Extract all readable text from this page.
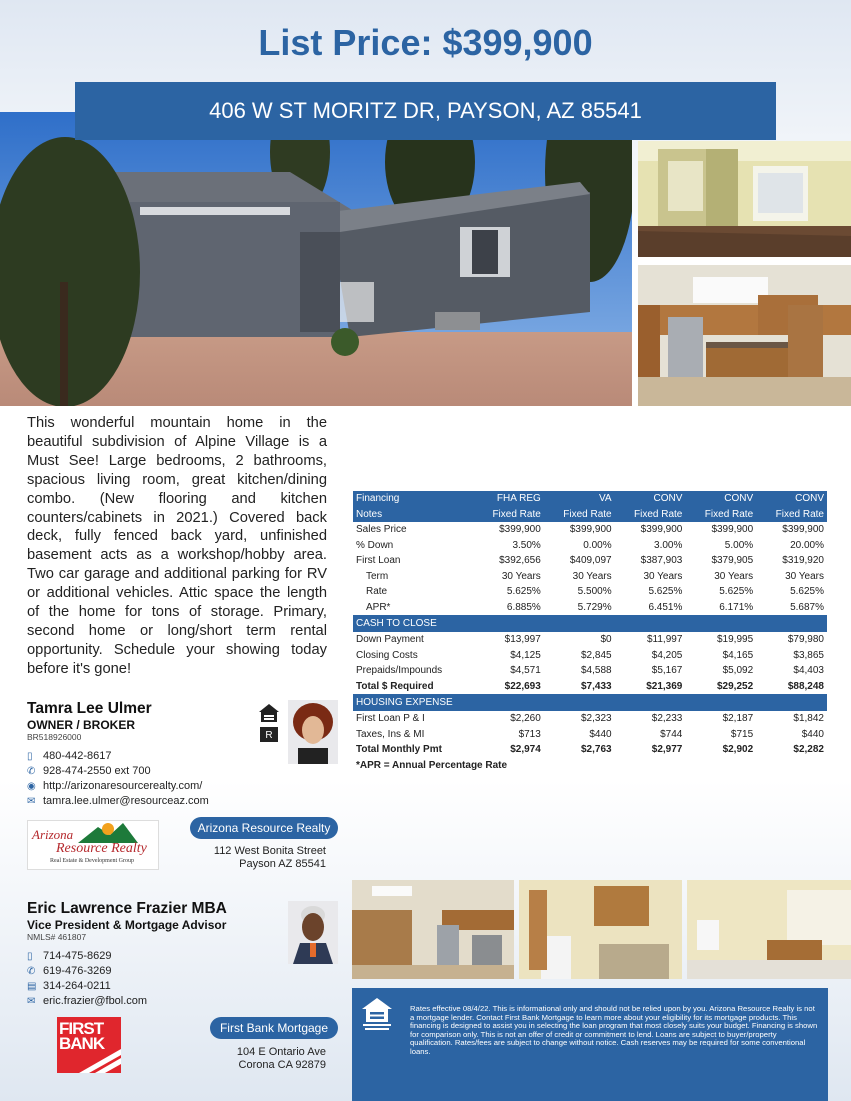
List Price: $399,900
406 W ST MORITZ DR, PAYSON, AZ 85541
This wonderful mountain home in the beautiful subdivision of Alpine Village is a Must See! Large bedrooms, 2 bathrooms, spacious living room, great kitchen/dining combo. (New flooring and kitchen counters/cabinets in 2021.) Covered back deck, fully fenced back yard, unfinished basement acts as a workshop/hobby area. Two car garage and additional parking for RV or additional vehicles. Attic space the length of the home for tons of storage. Primary, second home or long/short term rental opportunity. Schedule your showing today before it's gone!
Tamra Lee Ulmer
OWNER / BROKER
BR518926000
▯ 480-442-8617
✆ 928-474-2550 ext 700
◉ http://arizonaresourcerealty.com/
✉ tamra.lee.ulmer@resourceaz.com
R
Arizona
Resource Realty
Real Estate & Development Group
Arizona Resource Realty
112 West Bonita Street
Payson AZ 85541
Financing	FHA REG	VA	CONV	CONV	CONV
Notes	Fixed Rate	Fixed Rate	Fixed Rate	Fixed Rate	Fixed Rate
Sales Price	$399,900	$399,900	$399,900	$399,900	$399,900
% Down	3.50%	0.00%	3.00%	5.00%	20.00%
First Loan	$392,656	$409,097	$387,903	$379,905	$319,920
Term	30 Years	30 Years	30 Years	30 Years	30 Years
Rate	5.625%	5.500%	5.625%	5.625%	5.625%
APR*	6.885%	5.729%	6.451%	6.171%	5.687%
CASH TO CLOSE					
Down Payment	$13,997	$0	$11,997	$19,995	$79,980
Closing Costs	$4,125	$2,845	$4,205	$4,165	$3,865
Prepaids/Impounds	$4,571	$4,588	$5,167	$5,092	$4,403
Total $ Required	$22,693	$7,433	$21,369	$29,252	$88,248
HOUSING EXPENSE					
First Loan P & I	$2,260	$2,323	$2,233	$2,187	$1,842
Taxes, Ins & MI	$713	$440	$744	$715	$440
Total Monthly Pmt	$2,974	$2,763	$2,977	$2,902	$2,282
*APR = Annual Percentage Rate					
Eric Lawrence Frazier MBA
Vice President & Mortgage Advisor
NMLS# 461807
▯ 714-475-8629
✆ 619-476-3269
▤ 314-264-0211
✉ eric.frazier@fbol.com
FIRST
BANK
First Bank Mortgage
104 E Ontario Ave
Corona CA 92879
Rates effective 08/4/22. This is informational only and should not be relied upon by you. Arizona Resource Realty is not a mortgage lender. Contact First Bank Mortgage to learn more about your eligibility for its mortgage products. This financing is designed to assist you in selecting the loan program that most closely suits your budget. Financing is shown for comparison only. This is not an offer of credit or commitment to lend. Loans are subject to buyer/property qualification. Rates/fees are subject to change without notice. Cash reserves may be required for some conventional loans.
